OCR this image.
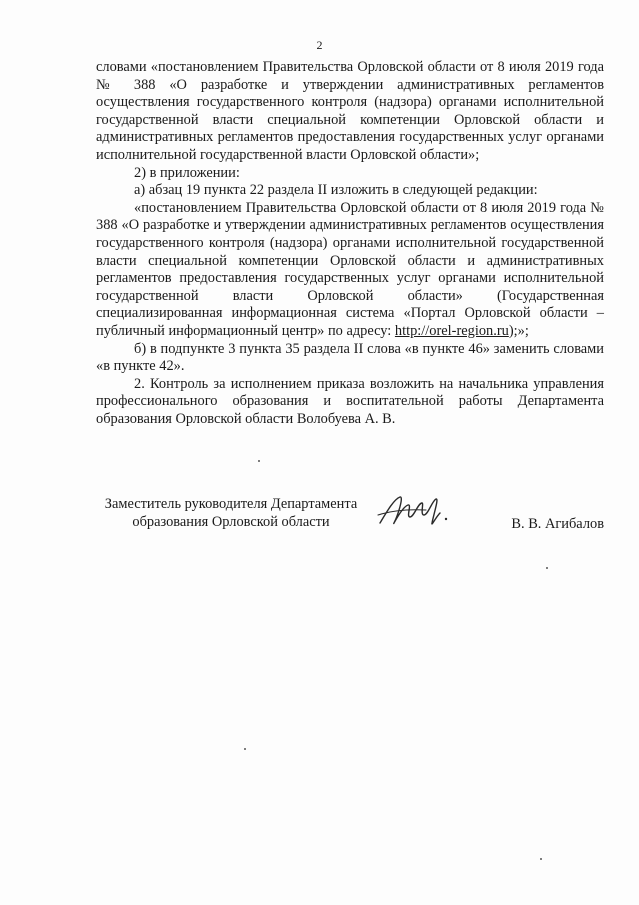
2

словами «постановлением Правительства Орловской области от 8 июля 2019 года № 388 «О разработке и утверждении административных регламентов осуществления государственного контроля (надзора) органами исполнительной государственной власти специальной компетенции Орловской области и административных регламентов предоставления государственных услуг органами исполнительной государственной власти Орловской области»;

2) в приложении:

а) абзац 19 пункта 22 раздела II изложить в следующей редакции:

«постановлением Правительства Орловской области от 8 июля 2019 года № 388 «О разработке и утверждении административных регламентов осуществления государственного контроля (надзора) органами исполнительной государственной власти специальной компетенции Орловской области и административных регламентов предоставления государственных услуг органами исполнительной государственной власти Орловской области» (Государственная специализированная информационная система «Портал Орловской области – публичный информационный центр» по адресу: http://orel-region.ru);»;

б) в подпункте 3 пункта 35 раздела II слова «в пункте 46» заменить словами «в пункте 42».

2. Контроль за исполнением приказа возложить на начальника управления профессионального образования и воспитательной работы Департамента образования Орловской области Волобуева А. В.

Заместитель руководителя Департамента
образования Орловской области	В. В. Агибалов
